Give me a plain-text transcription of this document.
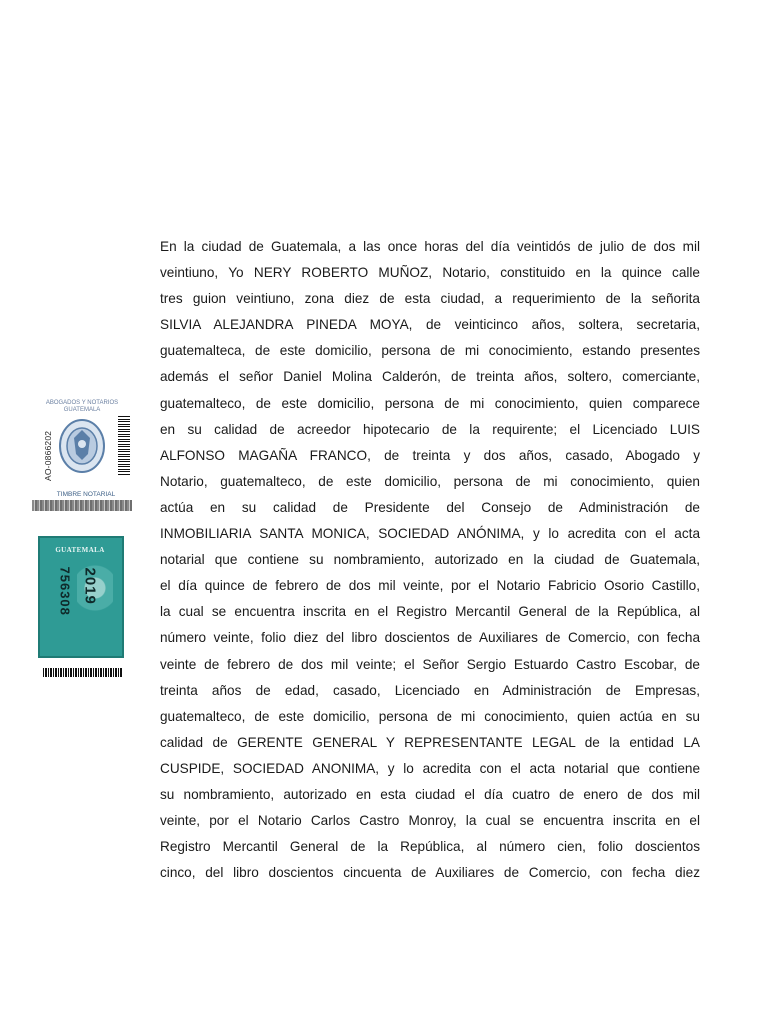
ABOGADOS Y NOTARIOS
GUATEMALA
AO-0866202
TIMBRE NOTARIAL
GUATEMALA
756308 2019
En la ciudad de Guatemala, a las once horas del día veintidós de julio de dos mil
veintiuno, Yo NERY ROBERTO MUÑOZ, Notario, constituido en la quince calle
tres guion veintiuno, zona diez de esta ciudad, a requerimiento de la señorita
SILVIA ALEJANDRA PINEDA MOYA, de veinticinco años, soltera, secretaria,
guatemalteca, de este domicilio, persona de mi conocimiento, estando presentes
además el señor Daniel Molina Calderón, de treinta años, soltero, comerciante,
guatemalteco, de este domicilio, persona de mi conocimiento, quien comparece
en su calidad de acreedor hipotecario de la requirente; el Licenciado LUIS
ALFONSO MAGAÑA FRANCO, de treinta y dos años, casado, Abogado y
Notario, guatemalteco, de este domicilio, persona de mi conocimiento, quien
actúa en su calidad de Presidente del Consejo de Administración de
INMOBILIARIA SANTA MONICA, SOCIEDAD ANÓNIMA, y lo acredita con el acta
notarial que contiene su nombramiento, autorizado en la ciudad de Guatemala,
el día quince de febrero de dos mil veinte, por el Notario Fabricio Osorio Castillo,
la cual se encuentra inscrita en el Registro Mercantil General de la República, al
número veinte, folio diez del libro doscientos de Auxiliares de Comercio, con fecha
veinte de febrero de dos mil veinte; el Señor Sergio Estuardo Castro Escobar, de
treinta años de edad, casado, Licenciado en Administración de Empresas,
guatemalteco, de este domicilio, persona de mi conocimiento, quien actúa en su
calidad de GERENTE GENERAL Y REPRESENTANTE LEGAL de la entidad LA
CUSPIDE, SOCIEDAD ANONIMA, y lo acredita con el acta notarial que contiene
su nombramiento, autorizado en esta ciudad el día cuatro de enero de dos mil
veinte, por el Notario Carlos Castro Monroy, la cual se encuentra inscrita en el
Registro Mercantil General de la República, al número cien, folio doscientos
cinco, del libro doscientos cincuenta de Auxiliares de Comercio, con fecha diez
